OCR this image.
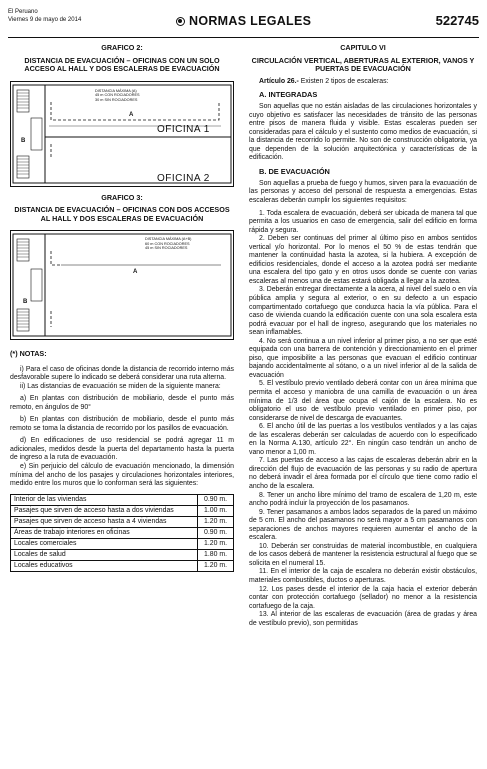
El Peruano
Viernes 9 de mayo de 2014	NORMAS LEGALES	522745
GRAFICO 2:
DISTANCIA DE EVACUACIÓN – OFICINAS CON UN SOLO ACCESO AL HALL Y DOS ESCALERAS DE EVACUACIÓN
DISTANCIA MÁXIMA (A)
45 m CON ROCIADORES
30 m SIN ROCIADORES
A
B
OFICINA 1
OFICINA 2
GRAFICO 3:
DISTANCIA DE EVACUACIÓN – OFICINAS CON DOS ACCESOS AL HALL Y DOS ESCALERAS DE EVACUACIÓN
DISTANCIA MÁXIMA (A+B)
60 m CON ROCIADORES
45 m SIN ROCIADORES
A
B
(*) NOTAS:

i) Para el caso de oficinas donde la distancia de recorrido interno más desfavorable supere lo indicado se deberá considerar una ruta alterna.

ii) Las distancias de evacuación se miden de la siguiente manera:

a) En plantas con distribución de mobiliario, desde el punto más remoto, en ángulos de 90°

b) En plantas con distribución de mobiliario, desde el punto más remoto se toma la distancia de recorrido por los pasillos de evacuación.

d) En edificaciones de uso residencial se podrá agregar 11 m adicionales, medidos desde la puerta del departamento hasta la puerta de ingreso a la ruta de evacuación.

e) Sin perjuicio del cálculo de evacuación mencionado, la dimensión mínima del ancho de los pasajes y circulaciones horizontales interiores, medido entre los muros que lo conforman será las siguientes:

Interior de las viviendas	0.90 m.
Pasajes que sirven de acceso hasta a dos viviendas	1.00 m.
Pasajes que sirven de acceso hasta a 4 viviendas	1.20 m.
Áreas de trabajo interiores en oficinas	0.90 m.
Locales comerciales	1.20 m.
Locales de salud	1.80 m.
Locales educativos	1.20 m.
CAPITULO VI
CIRCULACIÓN VERTICAL, ABERTURAS AL EXTERIOR, VANOS Y PUERTAS DE EVACUACIÓN

Artículo 26.- Existen 2 tipos de escaleras:

A. INTEGRADAS

Son aquellas que no están aisladas de las circulaciones horizontales y cuyo objetivo es satisfacer las necesidades de tránsito de las personas entre pisos de manera fluida y visible. Estas escaleras pueden ser consideradas para el cálculo y el sustento como medios de evacuación, si la distancia de recorrido lo permite. No son de construcción obligatoria, ya que dependen de la solución arquitectónica y características de la edificación.

B. DE EVACUACIÓN

Son aquellas a prueba de fuego y humos, sirven para la evacuación de las personas y acceso del personal de respuesta a emergencias. Estas escaleras deberán cumplir los siguientes requisitos:

1. Toda escalera de evacuación, deberá ser ubicada de manera tal que permita a los usuarios en caso de emergencia, salir del edificio en forma rápida y segura.

2. Deben ser continuas del primer al último piso en ambos sentidos vertical y/o horizontal. Por lo menos el 50 % de estas tendrán que mantener la continuidad hasta la azotea, si la hubiera. A excepción de edificios residenciales, donde el acceso a la azotea podrá ser mediante una escalera del tipo gato y en otros usos donde se cuente con varias escaleras al menos una de estas estará obligada a llegar a la azotea.

3. Deberán entregar directamente a la acera, al nivel del suelo o en vía pública amplia y segura al exterior, o en su defecto a un espacio compartimentado cortafuego que conduzca hacia la vía pública. Para el caso de vivienda cuando la edificación cuente con una sola escalera esta podrá evacuar por el hall de ingreso, asegurando que los materiales no sean inflamables.

4. No será continua a un nivel inferior al primer piso, a no ser que esté equipada con una barrera de contención y direccionamiento en el primer piso, que imposibilite a las personas que evacuan el edificio continuar bajando accidentalmente al sótano, o a un nivel inferior al de la salida de evacuación

5. El vestíbulo previo ventilado deberá contar con un área mínima que permita el acceso y maniobra de una camilla de evacuación o un área mínima de 1/3 del área que ocupa el cajón de la escalera. No es obligatorio el uso de vestíbulo previo ventilado en primer piso, por considerarse de nivel de descarga de evacuantes.

6. El ancho útil de las puertas a los vestíbulos ventilados y a las cajas de las escaleras deberán ser calculadas de acuerdo con lo especificado en la Norma A.130, artículo 22°. En ningún caso tendrán un ancho de vano menor a 1,00 m.

7. Las puertas de acceso a las cajas de escaleras deberán abrir en la dirección del flujo de evacuación de las personas y su radio de apertura no deberá invadir el área formada por el círculo que tiene como radio el ancho de la escalera.

8. Tener un ancho libre mínimo del tramo de escalera de 1,20 m, este ancho podrá incluir la proyección de los pasamanos.

9. Tener pasamanos a ambos lados separados de la pared un máximo de 5 cm. El ancho del pasamanos no será mayor a 5 cm pasamanos con separaciones de anchos mayores requieren aumentar el ancho de la escalera.

10. Deberán ser construidas de material incombustible, en cualquiera de los casos deberá de mantener la resistencia estructural al fuego que se solicita en el numeral 15.

11. En el interior de la caja de escalera no deberán existir obstáculos, materiales combustibles, ductos o aperturas.

12. Los pases desde el interior de la caja hacia el exterior deberán contar con protección cortafuego (sellador) no menor a la resistencia cortafuego de la caja.

13. Al interior de las escaleras de evacuación (área de gradas y área de vestíbulo previo), son permitidas
